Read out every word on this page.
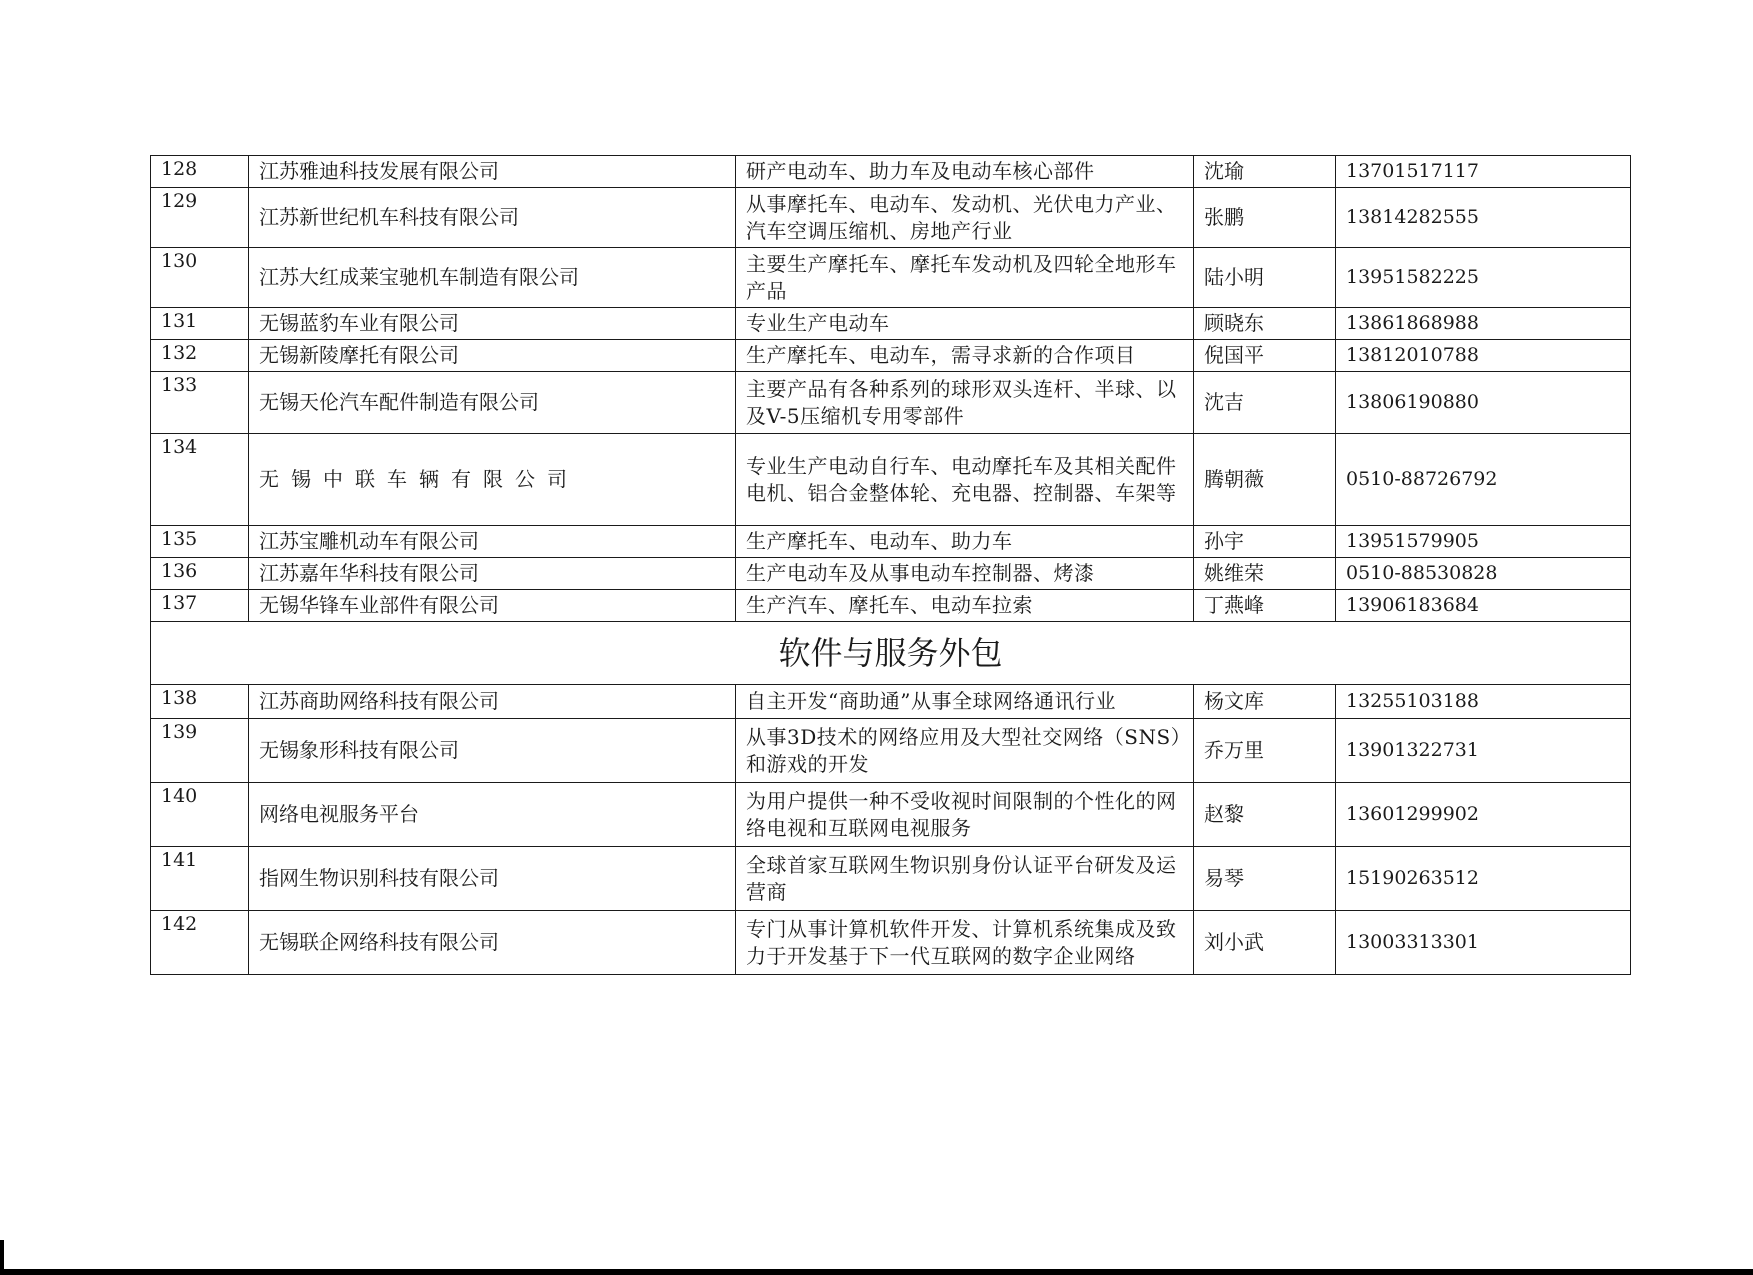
128	江苏雅迪科技发展有限公司	研产电动车、助力车及电动车核心部件	沈瑜	13701517117
129	江苏新世纪机车科技有限公司	从事摩托车、电动车、发动机、光伏电力产业、汽车空调压缩机、房地产行业	张鹏	13814282555
130	江苏大红成莱宝驰机车制造有限公司	主要生产摩托车、摩托车发动机及四轮全地形车产品	陆小明	13951582225
131	无锡蓝豹车业有限公司	专业生产电动车	顾晓东	13861868988
132	无锡新陵摩托有限公司	生产摩托车、电动车，需寻求新的合作项目	倪国平	13812010788
133	无锡天伦汽车配件制造有限公司	主要产品有各种系列的球形双头连杆、半球、以及V-5压缩机专用零部件	沈吉	13806190880
134	无锡中联车辆有限公司	专业生产电动自行车、电动摩托车及其相关配件电机、铝合金整体轮、充电器、控制器、车架等	腾朝薇	0510-88726792
135	江苏宝雕机动车有限公司	生产摩托车、电动车、助力车	孙宇	13951579905
136	江苏嘉年华科技有限公司	生产电动车及从事电动车控制器、烤漆	姚维荣	0510-88530828
137	无锡华锋车业部件有限公司	生产汽车、摩托车、电动车拉索	丁燕峰	13906183684
软件与服务外包				
138	江苏商助网络科技有限公司	自主开发“商助通”从事全球网络通讯行业	杨文库	13255103188
139	无锡象形科技有限公司	从事3D技术的网络应用及大型社交网络（SNS）和游戏的开发	乔万里	13901322731
140	网络电视服务平台	为用户提供一种不受收视时间限制的个性化的网络电视和互联网电视服务	赵黎	13601299902
141	指网生物识别科技有限公司	全球首家互联网生物识别身份认证平台研发及运营商	易琴	15190263512
142	无锡联企网络科技有限公司	专门从事计算机软件开发、计算机系统集成及致力于开发基于下一代互联网的数字企业网络	刘小武	13003313301
